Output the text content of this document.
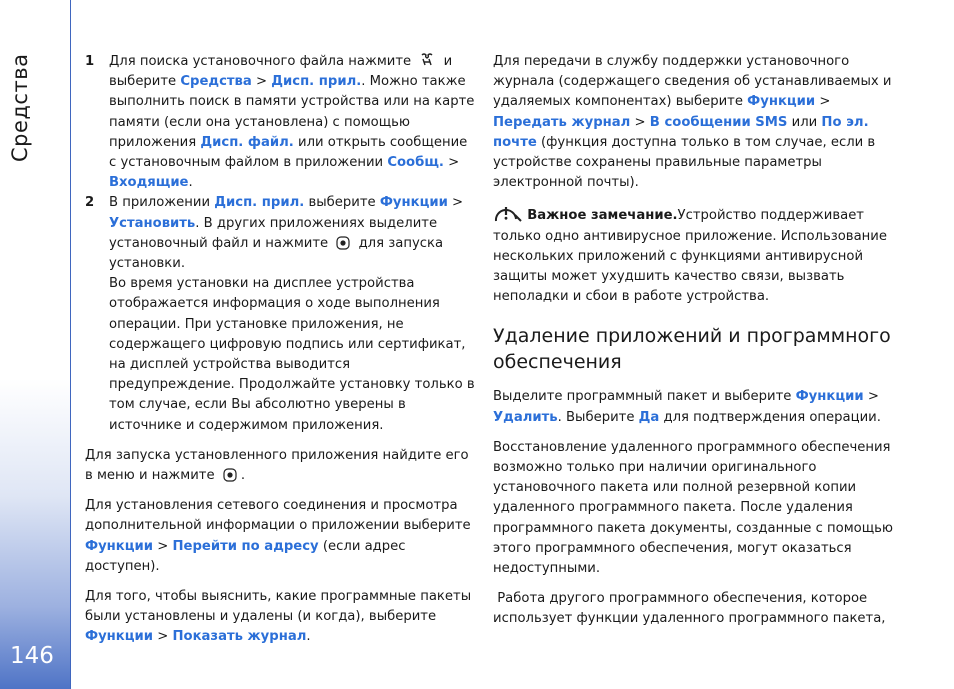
Средства
146
1 Для поиска установочного файла нажмите и выберите Средства > Дисп. прил.. Можно также выполнить поиск в памяти устройства или на карте памяти (если она установлена) с помощью приложения Дисп. файл. или открыть сообщение с установочным файлом в приложении Сообщ. > Входящие.
2 В приложении Дисп. прил. выберите Функции > Установить. В других приложениях выделите установочный файл и нажмите для запуска установки.
Во время установки на дисплее устройства отображается информация о ходе выполнения операции. При установке приложения, не содержащего цифровую подпись или сертификат, на дисплей устройства выводится предупреждение. Продолжайте установку только в том случае, если Вы абсолютно уверены в источнике и содержимом приложения.

Для запуска установленного приложения найдите его в меню и нажмите .

Для установления сетевого соединения и просмотра дополнительной информации о приложении выберите Функции > Перейти по адресу (если адрес доступен).

Для того, чтобы выяснить, какие программные пакеты были установлены и удалены (и когда), выберите Функции > Показать журнал.

Для передачи в службу поддержки установочного журнала (содержащего сведения об устанавливаемых и удаляемых компонентах) выберите Функции > Передать журнал > В сообщении SMS или По эл. почте (функция доступна только в том случае, если в устройстве сохранены правильные параметры электронной почты).

Важное замечание.Устройство поддерживает только одно антивирусное приложение. Использование нескольких приложений с функциями антивирусной защиты может ухудшить качество связи, вызвать неполадки и сбои в работе устройства.

Удаление приложений и программного обеспечения

Выделите программный пакет и выберите Функции > Удалить. Выберите Да для подтверждения операции.

Восстановление удаленного программного обеспечения возможно только при наличии оригинального установочного пакета или полной резервной копии удаленного программного пакета. После удаления программного пакета документы, созданные с помощью этого программного обеспечения, могут оказаться недоступными.

Работа другого программного обеспечения, которое использует функции удаленного программного пакета,
